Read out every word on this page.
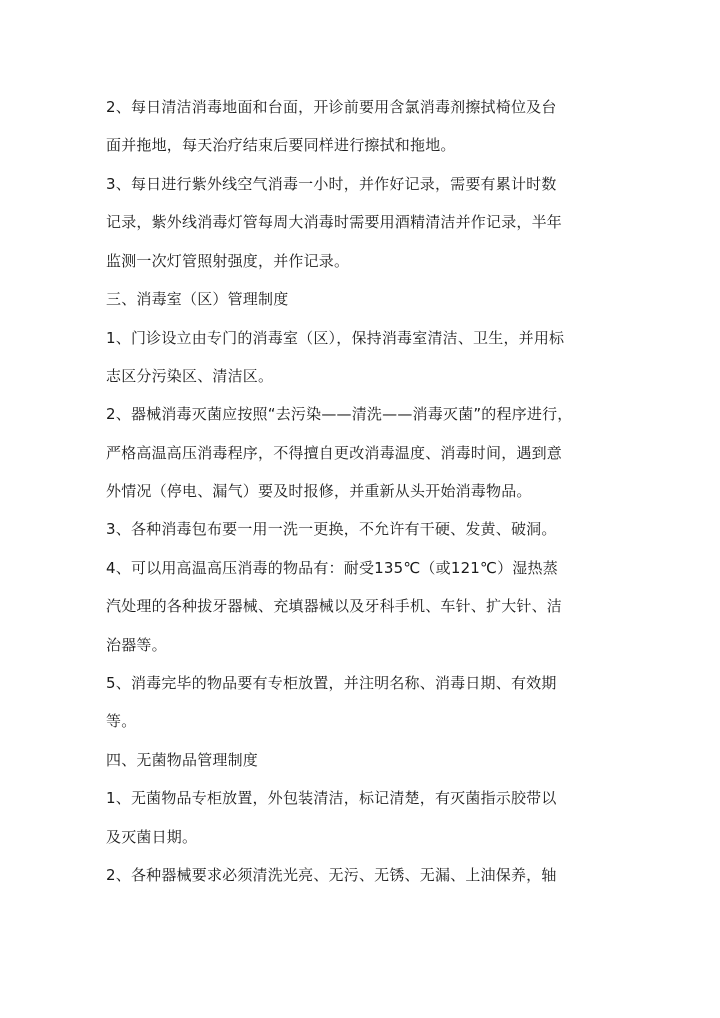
2、每日清洁消毒地面和台面，开诊前要用含氯消毒剂擦拭椅位及台

面并拖地，每天治疗结束后要同样进行擦拭和拖地。

3、每日进行紫外线空气消毒一小时，并作好记录，需要有累计时数

记录，紫外线消毒灯管每周大消毒时需要用酒精清洁并作记录，半年

监测一次灯管照射强度，并作记录。

三、消毒室（区）管理制度

1、门诊设立由专门的消毒室（区），保持消毒室清洁、卫生，并用标

志区分污染区、清洁区。

2、器械消毒灭菌应按照“去污染——清洗——消毒灭菌”的程序进行，

严格高温高压消毒程序，不得擅自更改消毒温度、消毒时间，遇到意

外情况（停电、漏气）要及时报修，并重新从头开始消毒物品。

3、各种消毒包布要一用一洗一更换，不允许有干硬、发黄、破洞。

4、可以用高温高压消毒的物品有：耐受135℃（或121℃）湿热蒸

汽处理的各种拔牙器械、充填器械以及牙科手机、车针、扩大针、洁

治器等。

5、消毒完毕的物品要有专柜放置，并注明名称、消毒日期、有效期

等。

四、无菌物品管理制度

1、无菌物品专柜放置，外包装清洁，标记清楚，有灭菌指示胶带以

及灭菌日期。

2、各种器械要求必须清洗光亮、无污、无锈、无漏、上油保养，轴
